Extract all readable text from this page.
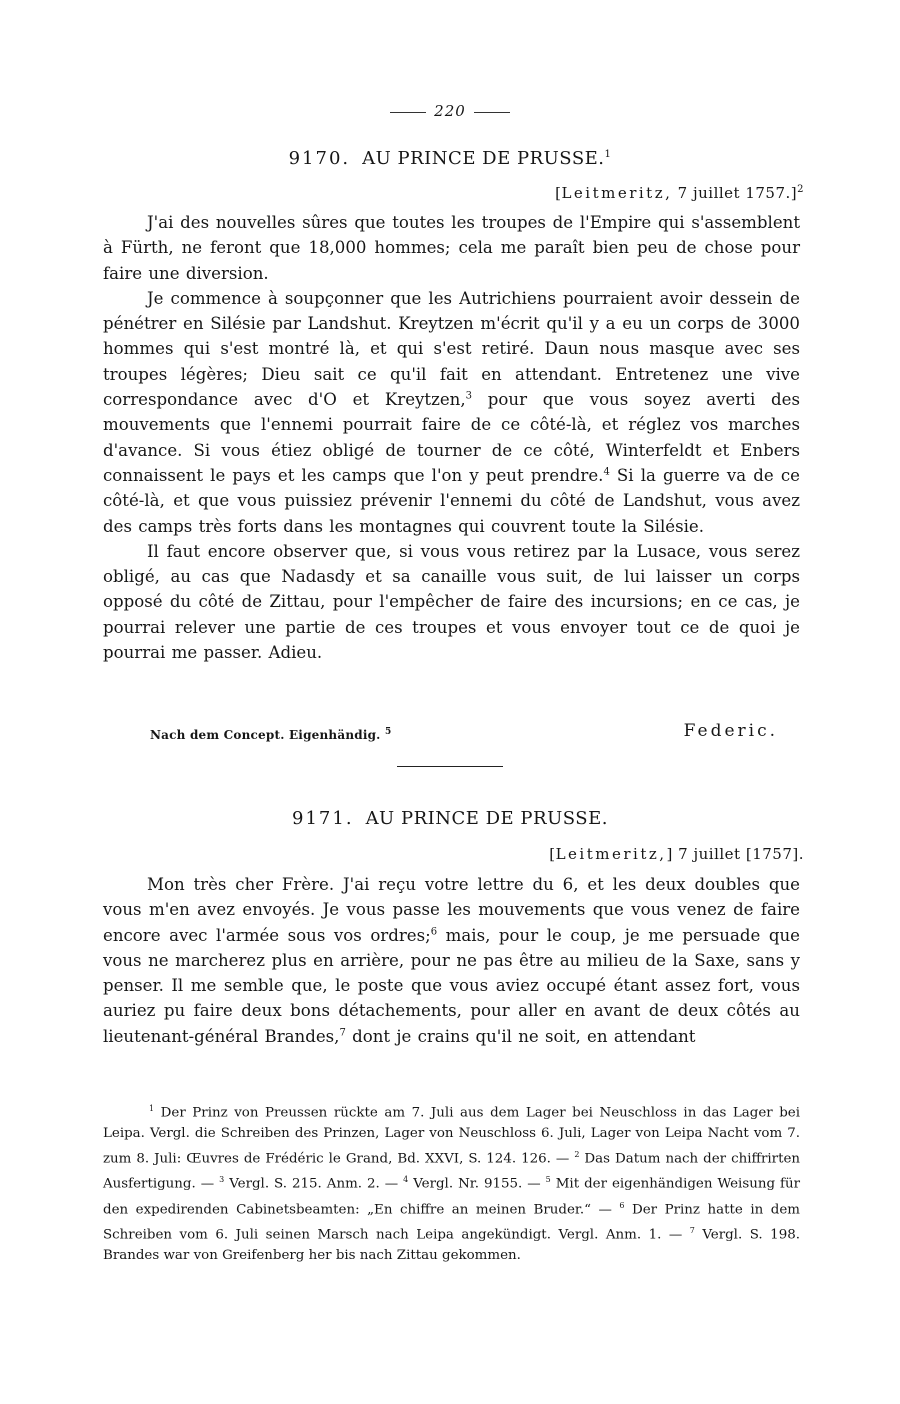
220
9170. AU PRINCE DE PRUSSE.$^1$
[Leitmeritz, 7 juillet 1757.]$^2$

J'ai des nouvelles sûres que toutes les troupes de l'Empire qui s'assemblent à Fürth, ne feront que 18,000 hommes; cela me paraît bien peu de chose pour faire une diversion.

Je commence à soupçonner que les Autrichiens pourraient avoir dessein de pénétrer en Silésie par Landshut. Kreytzen m'écrit qu'il y a eu un corps de 3000 hommes qui s'est montré là, et qui s'est retiré. Daun nous masque avec ses troupes légères; Dieu sait ce qu'il fait en attendant. Entretenez une vive correspondance avec d'O et Kreytzen,$^3$ pour que vous soyez averti des mouvements que l'ennemi pourrait faire de ce côté-là, et réglez vos marches d'avance. Si vous étiez obligé de tourner de ce côté, Winterfeldt et Enbers connaissent le pays et les camps que l'on y peut prendre.$^4$ Si la guerre va de ce côté-là, et que vous puissiez prévenir l'ennemi du côté de Landshut, vous avez des camps très forts dans les montagnes qui couvrent toute la Silésie.

Il faut encore observer que, si vous vous retirez par la Lusace, vous serez obligé, au cas que Nadasdy et sa canaille vous suit, de lui laisser un corps opposé du côté de Zittau, pour l'empêcher de faire des incursions; en ce cas, je pourrai relever une partie de ces troupes et vous envoyer tout ce de quoi je pourrai me passer. Adieu.

Nach dem Concept. Eigenhändig. $^5$	Federic.
9171. AU PRINCE DE PRUSSE.
[Leitmeritz,] 7 juillet [1757].

Mon très cher Frère. J'ai reçu votre lettre du 6, et les deux doubles que vous m'en avez envoyés. Je vous passe les mouvements que vous venez de faire encore avec l'armée sous vos ordres;$^6$ mais, pour le coup, je me persuade que vous ne marcherez plus en arrière, pour ne pas être au milieu de la Saxe, sans y penser. Il me semble que, le poste que vous aviez occupé étant assez fort, vous auriez pu faire deux bons détachements, pour aller en avant de deux côtés au lieutenant-général Brandes,$^7$ dont je crains qu'il ne soit, en attendant

$^1$ Der Prinz von Preussen rückte am 7. Juli aus dem Lager bei Neuschloss in das Lager bei Leipa. Vergl. die Schreiben des Prinzen, Lager von Neuschloss 6. Juli, Lager von Leipa Nacht vom 7. zum 8. Juli: Œuvres de Frédéric le Grand, Bd. XXVI, S. 124. 126. — $^2$ Das Datum nach der chiffrirten Ausfertigung. — $^3$ Vergl. S. 215. Anm. 2. — $^4$ Vergl. Nr. 9155. — $^5$ Mit der eigenhändigen Weisung für den expedirenden Cabinetsbeamten: „En chiffre an meinen Bruder.“ — $^6$ Der Prinz hatte in dem Schreiben vom 6. Juli seinen Marsch nach Leipa angekündigt. Vergl. Anm. 1. — $^7$ Vergl. S. 198. Brandes war von Greifenberg her bis nach Zittau gekommen.
